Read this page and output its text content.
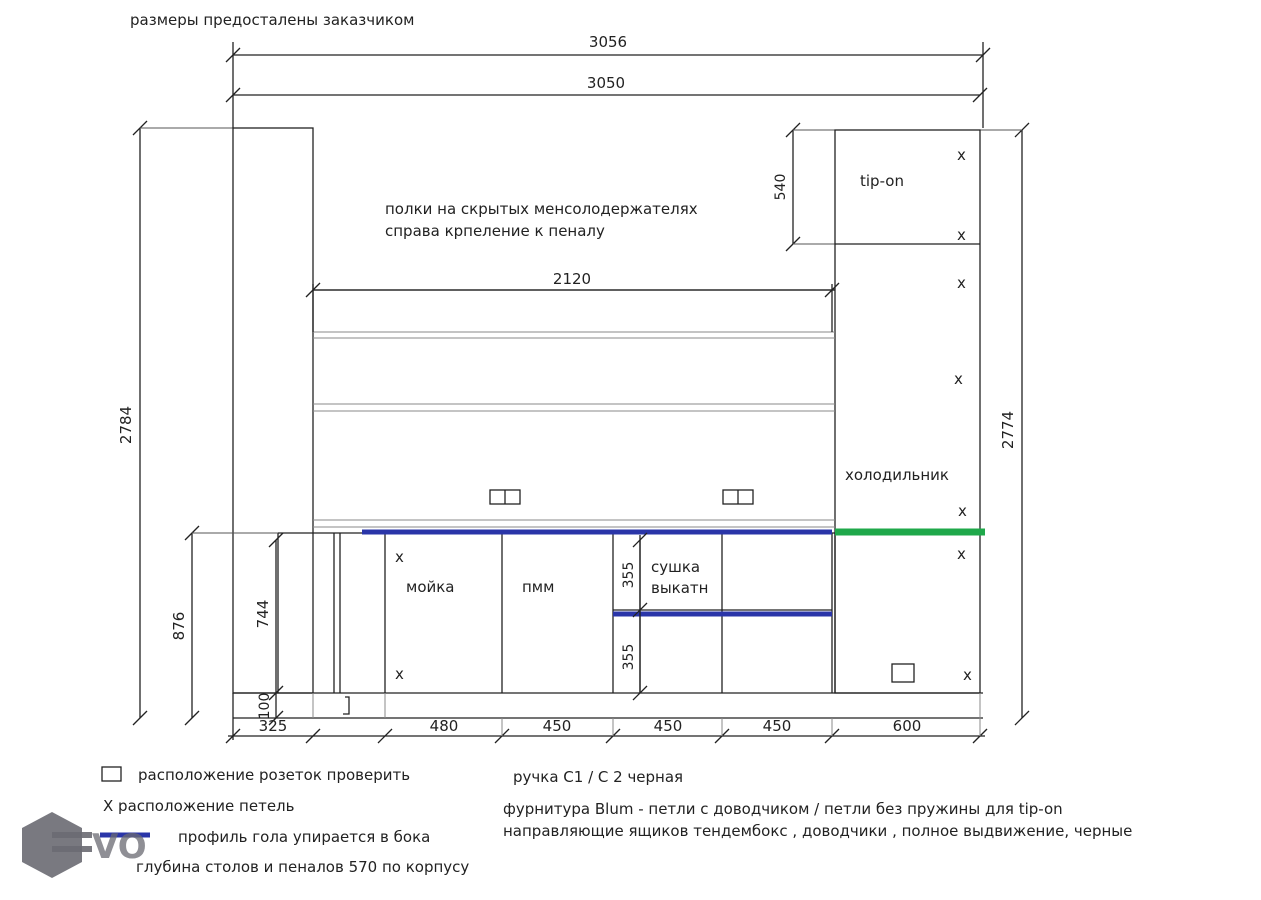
размеры предосталены заказчиком
3056
3050
2784	2774
540
2120
876	744
100
355
355
325	480	450	450	450	600
полки на скрытых менсолодержателях
справа крпеление к пеналу
tip-on
холодильник
мойка	пмм
сушка
выкатн
x
x
x
x
x
x
x
x
x
расположение розеток проверить
Х расположение петель
профиль гола упирается в бока
глубина столов и пеналов 570 по корпусу
ручка С1 / С 2 черная
фурнитура Blum - петли с доводчиком / петли без пружины для tip-on
направляющие ящиков тендембокс , доводчики , полное выдвижение, черные
VO
